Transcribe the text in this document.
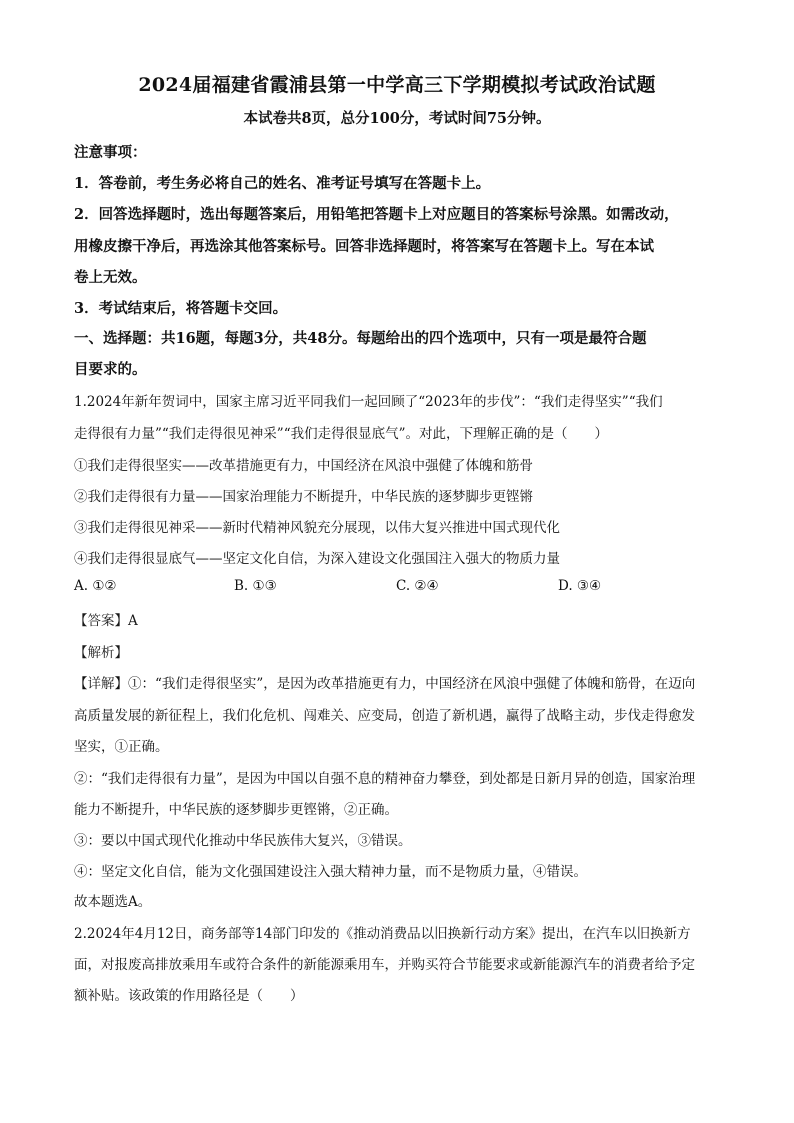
2024届福建省霞浦县第一中学高三下学期模拟考试政治试题
本试卷共8页，总分100分，考试时间75分钟。
注意事项：
1．答卷前，考生务必将自己的姓名、准考证号填写在答题卡上。
2．回答选择题时，选出每题答案后，用铅笔把答题卡上对应题目的答案标号涂黑。如需改动，
用橡皮擦干净后，再选涂其他答案标号。回答非选择题时，将答案写在答题卡上。写在本试
卷上无效。
3．考试结束后，将答题卡交回。
一、选择题：共16题，每题3分，共48分。每题给出的四个选项中，只有一项是最符合题
目要求的。
1.2024年新年贺词中，国家主席习近平同我们一起回顾了“2023年的步伐”：“我们走得坚实”“我们
走得很有力量”“我们走得很见神采”“我们走得很显底气”。对此，下理解正确的是（　　）
①我们走得很坚实——改革措施更有力，中国经济在风浪中强健了体魄和筋骨
②我们走得很有力量——国家治理能力不断提升，中华民族的逐梦脚步更铿锵
③我们走得很见神采——新时代精神风貌充分展现，以伟大复兴推进中国式现代化
④我们走得很显底气——坚定文化自信，为深入建设文化强国注入强大的物质力量
A. ①②	B. ①③	C. ②④	D. ③④
【答案】A
【解析】
【详解】①：“我们走得很坚实”，是因为改革措施更有力，中国经济在风浪中强健了体魄和筋骨，在迈向
高质量发展的新征程上，我们化危机、闯难关、应变局，创造了新机遇，赢得了战略主动，步伐走得愈发
坚实，①正确。
②：“我们走得很有力量”，是因为中国以自强不息的精神奋力攀登，到处都是日新月异的创造，国家治理
能力不断提升，中华民族的逐梦脚步更铿锵，②正确。
③：要以中国式现代化推动中华民族伟大复兴，③错误。
④：坚定文化自信，能为文化强国建设注入强大精神力量，而不是物质力量，④错误。
故本题选A。
2.2024年4月12日，商务部等14部门印发的《推动消费品以旧换新行动方案》提出，在汽车以旧换新方
面，对报废高排放乘用车或符合条件的新能源乘用车，并购买符合节能要求或新能源汽车的消费者给予定
额补贴。该政策的作用路径是（　　）
